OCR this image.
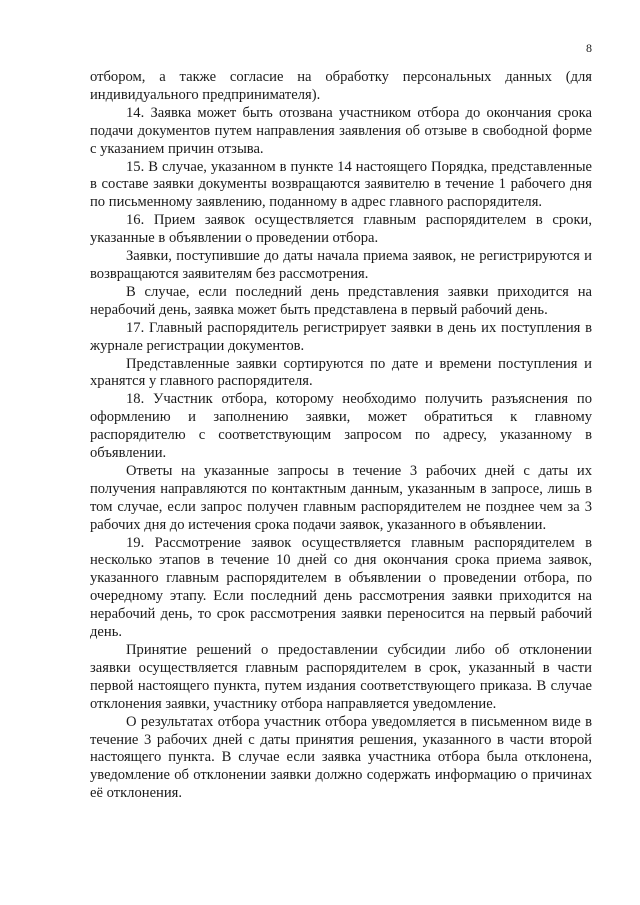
8

отбором, а также согласие на обработку персональных данных (для индивидуального предпринимателя).

14. Заявка может быть отозвана участником отбора до окончания срока подачи документов путем направления заявления об отзыве в свободной форме с указанием причин отзыва.

15. В случае, указанном в пункте 14 настоящего Порядка, представленные в составе заявки документы возвращаются заявителю в течение 1 рабочего дня по письменному заявлению, поданному в адрес главного распорядителя.

16. Прием заявок осуществляется главным распорядителем в сроки, указанные в объявлении о проведении отбора.

Заявки, поступившие до даты начала приема заявок, не регистрируются и возвращаются заявителям без рассмотрения.

В случае, если последний день представления заявки приходится на нерабочий день, заявка может быть представлена в первый рабочий день.

17. Главный распорядитель регистрирует заявки в день их поступления в журнале регистрации документов.

Представленные заявки сортируются по дате и времени поступления и хранятся у главного распорядителя.

18. Участник отбора, которому необходимо получить разъяснения по оформлению и заполнению заявки, может обратиться к главному распорядителю с соответствующим запросом по адресу, указанному в объявлении.

Ответы на указанные запросы в течение 3 рабочих дней с даты их получения направляются по контактным данным, указанным в запросе, лишь в том случае, если запрос получен главным распорядителем не позднее чем за 3 рабочих дня до истечения срока подачи заявок, указанного в объявлении.

19. Рассмотрение заявок осуществляется главным распорядителем в несколько этапов в течение 10 дней со дня окончания срока приема заявок, указанного главным распорядителем в объявлении о проведении отбора, по очередному этапу. Если последний день рассмотрения заявки приходится на нерабочий день, то срок рассмотрения заявки переносится на первый рабочий день.

Принятие решений о предоставлении субсидии либо об отклонении заявки осуществляется главным распорядителем в срок, указанный в части первой настоящего пункта, путем издания соответствующего приказа. В случае отклонения заявки, участнику отбора направляется уведомление.

О результатах отбора участник отбора уведомляется в письменном виде в течение 3 рабочих дней с даты принятия решения, указанного в части второй настоящего пункта. В случае если заявка участника отбора была отклонена, уведомление об отклонении заявки должно содержать информацию о причинах её отклонения.
